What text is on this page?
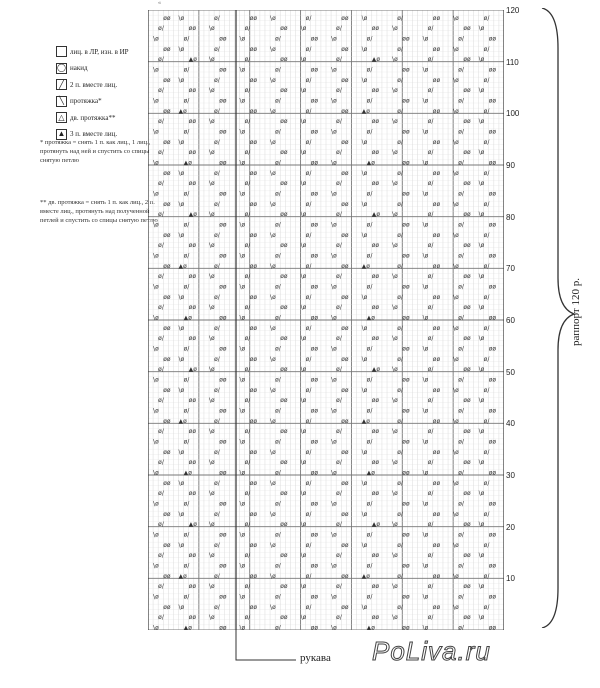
«
лиц. в ЛР, изн. в ИР
◯ накид
╱ 2 п. вместе лиц.
╲ протяжка*
△ дв. протяжка**
▲ 3 п. вместе лиц.
* протяжка = снять 1 п. как лиц., 1 лиц., протянуть над ней и спустить со спицы снятую петлю
** дв. протяжка = снять 1 п. как лиц., 2 п. вместе лиц., протянуть над полученной петлей и спустить со спицы снятую петлю
\ø	▲ø	øø \ø	ø/	øø \ø	▲ø	øø \ø	ø/	øø
ø/	øø \ø	ø/	øø \ø	ø/	øø \ø	ø/	øø \ø
øø \ø	ø/	øø \ø	ø/	øø \ø	ø/	øø \ø	ø/
\ø	ø/	øø \ø	ø/	øø \ø	ø/	øø \ø	ø/	øø
ø/	øø \ø	ø/	øø \ø	ø/	øø \ø	ø/	øø \ø
øø ▲ø	ø/	øø \ø	ø/	øø ▲ø	ø/	øø \ø	ø/
\ø	ø/	øø \ø	ø/	øø \ø	ø/	øø \ø	ø/	øø
ø/	øø \ø	ø/	øø \ø	ø/	øø \ø	ø/	øø \ø
øø \ø	ø/	øø \ø	ø/	øø \ø	ø/	øø \ø	ø/
\ø	ø/	øø \ø	ø/	øø \ø	ø/	øø \ø	ø/	øø
ø/	▲ø \ø	ø/	øø \ø	ø/	▲ø \ø	ø/	øø \ø
øø \ø	ø/	øø \ø	ø/	øø \ø	ø/	øø \ø	ø/
\ø	ø/	øø \ø	ø/	øø \ø	ø/	øø \ø	ø/	øø
ø/	øø \ø	ø/	øø \ø	ø/	øø \ø	ø/	øø \ø
øø \ø	ø/	øø \ø	ø/	øø \ø	ø/	øø \ø	ø/
\ø	▲ø	øø \ø	ø/	øø \ø	▲ø	øø \ø	ø/	øø
ø/	øø \ø	ø/	øø \ø	ø/	øø \ø	ø/	øø \ø
øø \ø	ø/	øø \ø	ø/	øø \ø	ø/	øø \ø	ø/
\ø	ø/	øø \ø	ø/	øø \ø	ø/	øø \ø	ø/	øø
ø/	øø \ø	ø/	øø \ø	ø/	øø \ø	ø/	øø \ø
øø ▲ø	ø/	øø \ø	ø/	øø ▲ø	ø/	øø \ø	ø/
\ø	ø/	øø \ø	ø/	øø \ø	ø/	øø \ø	ø/	øø
ø/	øø \ø	ø/	øø \ø	ø/	øø \ø	ø/	øø \ø
øø \ø	ø/	øø \ø	ø/	øø \ø	ø/	øø \ø	ø/
\ø	ø/	øø \ø	ø/	øø \ø	ø/	øø \ø	ø/	øø
ø/	▲ø \ø	ø/	øø \ø	ø/	▲ø \ø	ø/	øø \ø
øø \ø	ø/	øø \ø	ø/	øø \ø	ø/	øø \ø	ø/
\ø	ø/	øø \ø	ø/	øø \ø	ø/	øø \ø	ø/	øø
ø/	øø \ø	ø/	øø \ø	ø/	øø \ø	ø/	øø \ø
øø \ø	ø/	øø \ø	ø/	øø \ø	ø/	øø \ø	ø/
\ø	▲ø	øø \ø	ø/	øø \ø	▲ø	øø \ø	ø/	øø
ø/	øø \ø	ø/	øø \ø	ø/	øø \ø	ø/	øø \ø
øø \ø	ø/	øø \ø	ø/	øø \ø	ø/	øø \ø	ø/
\ø	ø/	øø \ø	ø/	øø \ø	ø/	øø \ø	ø/	øø
ø/	øø \ø	ø/	øø \ø	ø/	øø \ø	ø/	øø \ø
øø ▲ø	ø/	øø \ø	ø/	øø ▲ø	ø/	øø \ø	ø/
\ø	ø/	øø \ø	ø/	øø \ø	ø/	øø \ø	ø/	øø
ø/	øø \ø	ø/	øø \ø	ø/	øø \ø	ø/	øø \ø
øø \ø	ø/	øø \ø	ø/	øø \ø	ø/	øø \ø	ø/
\ø	ø/	øø \ø	ø/	øø \ø	ø/	øø \ø	ø/	øø
ø/	▲ø \ø	ø/	øø \ø	ø/	▲ø \ø	ø/	øø \ø
øø \ø	ø/	øø \ø	ø/	øø \ø	ø/	øø \ø	ø/
\ø	ø/	øø \ø	ø/	øø \ø	ø/	øø \ø	ø/	øø
ø/	øø \ø	ø/	øø \ø	ø/	øø \ø	ø/	øø \ø
øø \ø	ø/	øø \ø	ø/	øø \ø	ø/	øø \ø	ø/
\ø	▲ø	øø \ø	ø/	øø \ø	▲ø	øø \ø	ø/	øø
ø/	øø \ø	ø/	øø \ø	ø/	øø \ø	ø/	øø \ø
øø \ø	ø/	øø \ø	ø/	øø \ø	ø/	øø \ø	ø/
\ø	ø/	øø \ø	ø/	øø \ø	ø/	øø \ø	ø/	øø
ø/	øø \ø	ø/	øø \ø	ø/	øø \ø	ø/	øø \ø
øø ▲ø	ø/	øø \ø	ø/	øø ▲ø	ø/	øø \ø	ø/
\ø	ø/	øø \ø	ø/	øø \ø	ø/	øø \ø	ø/	øø
ø/	øø \ø	ø/	øø \ø	ø/	øø \ø	ø/	øø \ø
øø \ø	ø/	øø \ø	ø/	øø \ø	ø/	øø \ø	ø/
\ø	ø/	øø \ø	ø/	øø \ø	ø/	øø \ø	ø/	øø
ø/	▲ø \ø	ø/	øø \ø	ø/	▲ø \ø	ø/	øø \ø
øø \ø	ø/	øø \ø	ø/	øø \ø	ø/	øø \ø	ø/
\ø	ø/	øø \ø	ø/	øø \ø	ø/	øø \ø	ø/	øø
ø/	øø \ø	ø/	øø \ø	ø/	øø \ø	ø/	øø \ø
øø \ø	ø/	øø \ø	ø/	øø \ø	ø/	øø \ø	ø/
120
110
100
90
80
70
60
50
40
30
20
10
раппорт 120 р.
рукава PoLiva.ru
